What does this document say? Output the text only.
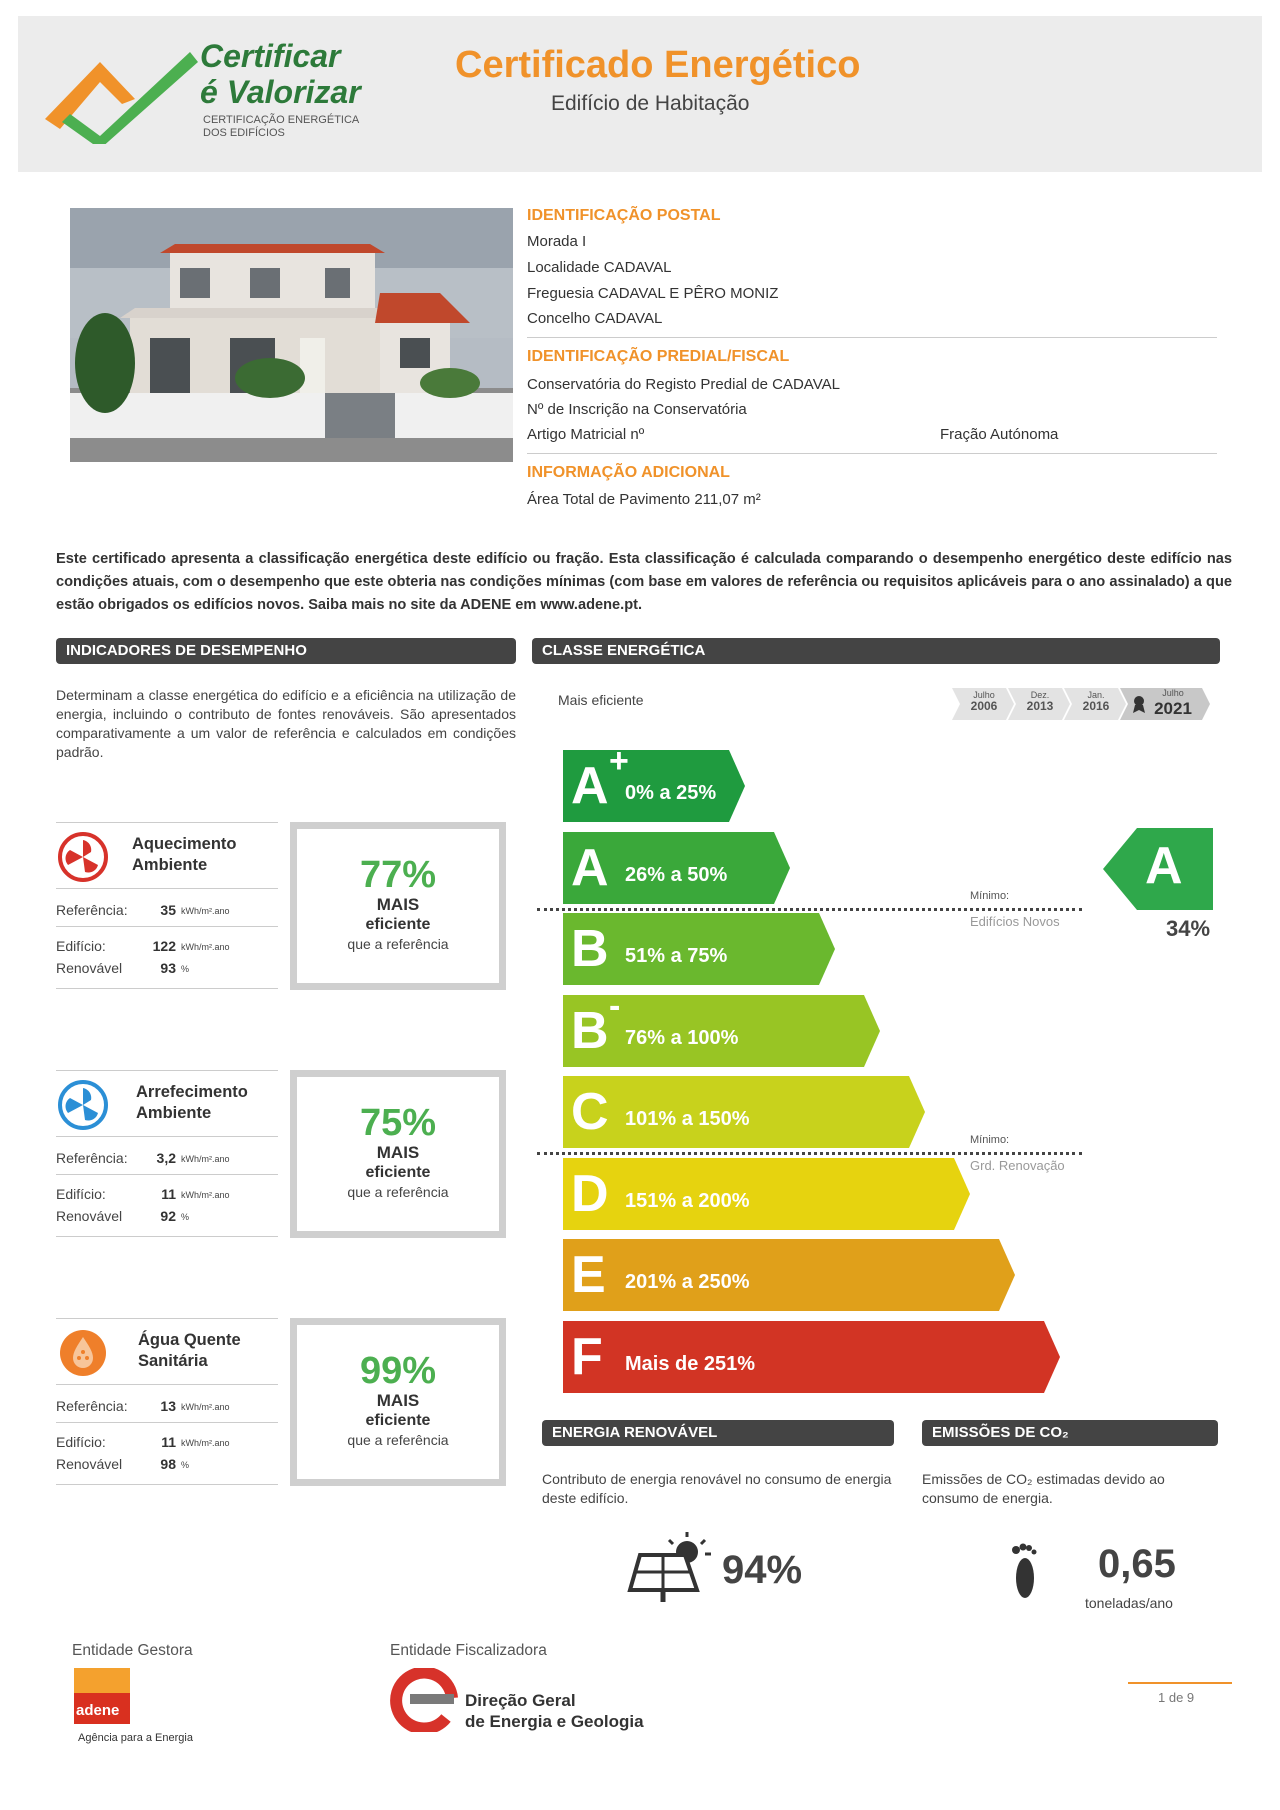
Certificar
é Valorizar
CERTIFICAÇÃO ENERGÉTICA
DOS EDIFÍCIOS
Certificado Energético
Edifício de Habitação
IDENTIFICAÇÃO POSTAL
Morada I
Localidade CADAVAL
Freguesia CADAVAL E PÊRO MONIZ
Concelho CADAVAL
IDENTIFICAÇÃO PREDIAL/FISCAL
Conservatória do Registo Predial de CADAVAL
Nº de Inscrição na Conservatória
Artigo Matricial nº	Fração Autónoma
INFORMAÇÃO ADICIONAL
Área Total de Pavimento 211,07 m²
Este certificado apresenta a classificação energética deste edifício ou fração. Esta classificação é calculada comparando o desempenho energético deste edifício nas condições atuais, com o desempenho que este obteria nas condições mínimas (com base em valores de referência ou requisitos aplicáveis para o ano assinalado) a que estão obrigados os edifícios novos. Saiba mais no site da ADENE em www.adene.pt.
INDICADORES DE DESEMPENHO
Determinam a classe energética do edifício e a eficiência na utilização de energia, incluindo o contributo de fontes renováveis. São apresentados comparativamente a um valor de referência e calculados em condições padrão.
Aquecimento
Ambiente
Referência:	35 kWh/m².ano
Edifício:	122 kWh/m².ano
Renovável	93 %
77%
MAIS
eficiente
que a referência
Arrefecimento
Ambiente
Referência:	3,2 kWh/m².ano
Edifício:	11 kWh/m².ano
Renovável	92 %
75%
MAIS
eficiente
que a referência
Água Quente
Sanitária
Referência:	13 kWh/m².ano
Edifício:	11 kWh/m².ano
Renovável	98 %
99%
MAIS
eficiente
que a referência
CLASSE ENERGÉTICA
Mais eficiente	Julho
2006
Dez.
2013
Jan.
2016
Julho
2021
A +
0% a 25%
A 26% a 50%
B 51% a 75%
B -
76% a 100%
C 101% a 150%
D 151% a 200%
E 201% a 250%
F Mais de 251%
Mínimo:
Edifícios Novos
Mínimo:
Grd. Renovação
A
34%
ENERGIA RENOVÁVEL
Contributo de energia renovável no consumo de energia deste edifício.
94%
EMISSÕES DE CO₂
Emissões de CO₂ estimadas devido ao consumo de energia.
0,65
toneladas/ano
Entidade Gestora
adene
Agência para a Energia
Entidade Fiscalizadora
Direção Geral
de Energia e Geologia
1 de 9
